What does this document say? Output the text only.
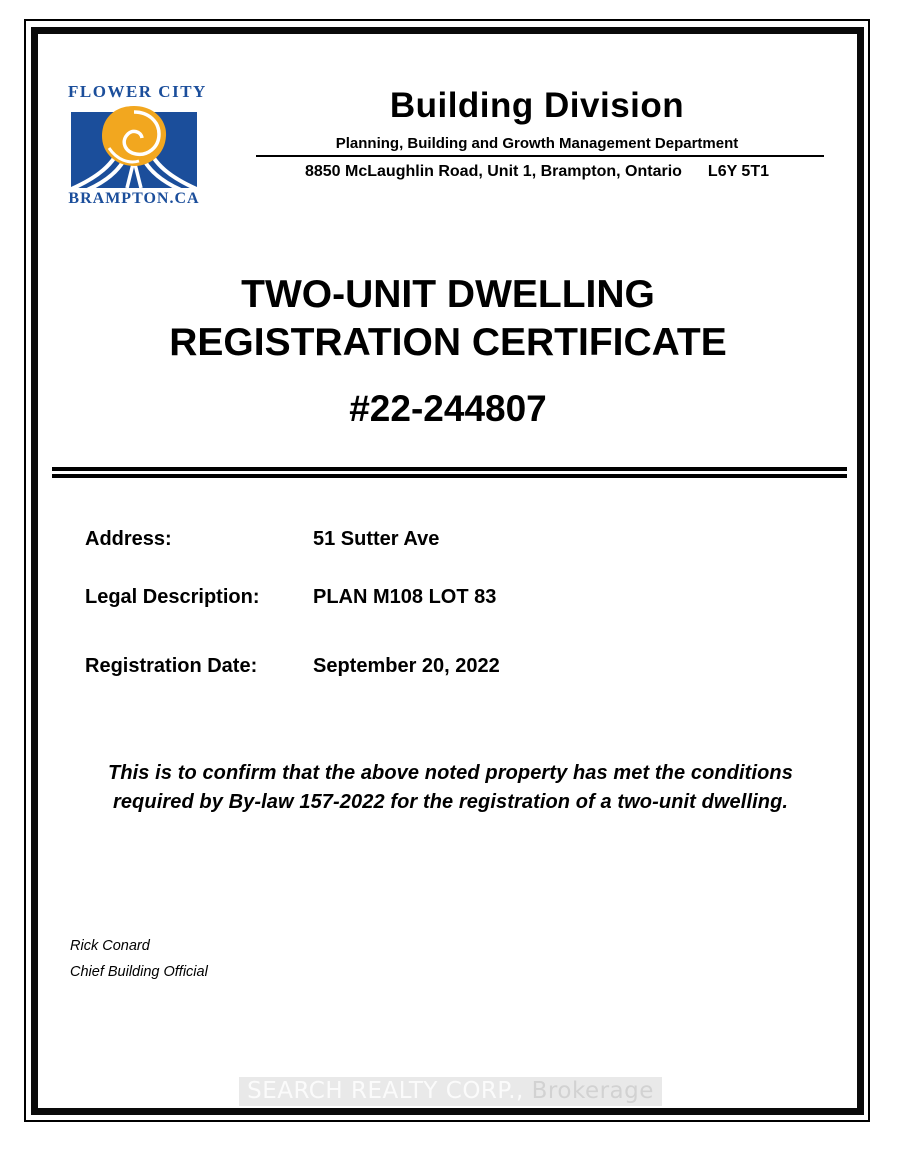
FLOWER CITY
BRAMPTON.CA
Building Division
Planning, Building and Growth Management Department
8850 McLaughlin Road, Unit 1, Brampton, Ontario L6Y 5T1
TWO-UNIT DWELLING
REGISTRATION CERTIFICATE
#22-244807
Address:	51 Sutter Ave
Legal Description:	PLAN M108 LOT 83
Registration Date:	September 20, 2022
This is to confirm that the above noted property has met the conditions
required by By-law 157-2022 for the registration of a two-unit dwelling.
Rick Conard
Chief Building Official
SEARCH REALTY CORP., Brokerage
